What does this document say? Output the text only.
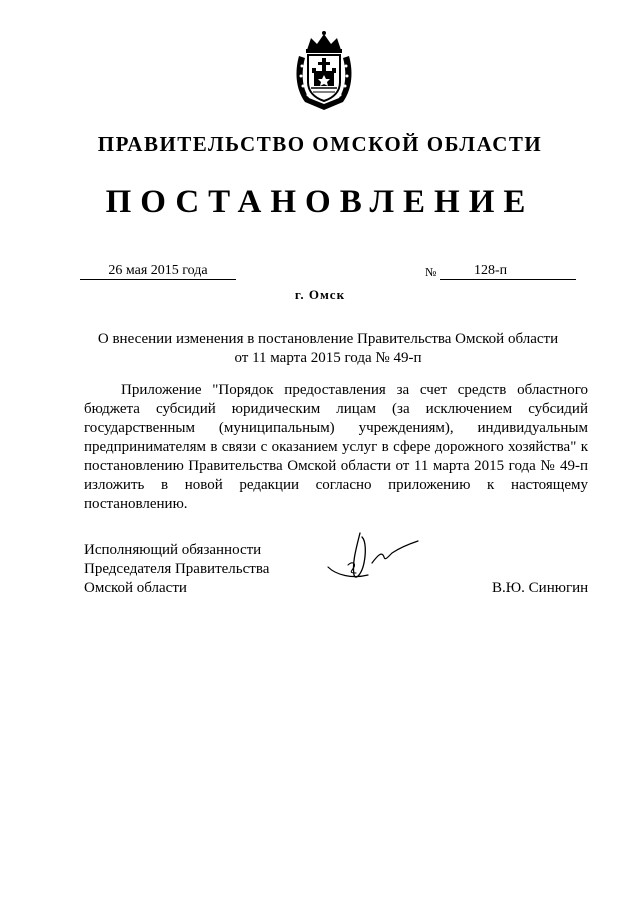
ПРАВИТЕЛЬСТВО ОМСКОЙ ОБЛАСТИ
ПОСТАНОВЛЕНИЕ
26 мая 2015 года	№	128-п
г. Омск
О внесении изменения в постановление Правительства Омской области
от 11 марта 2015 года № 49-п

Приложение "Порядок предоставления за счет средств областного бюджета субсидий юридическим лицам (за исключением субсидий государственным (муниципальным) учреждениям), индивидуальным предпринимателям в связи с оказанием услуг в сфере дорожного хозяйства" к постановлению Правительства Омской области от 11 марта 2015 года № 49-п изложить в новой редакции согласно приложению к настоящему постановлению.

Исполняющий обязанности
Председателя Правительства
Омской области	В.Ю. Синюгин
